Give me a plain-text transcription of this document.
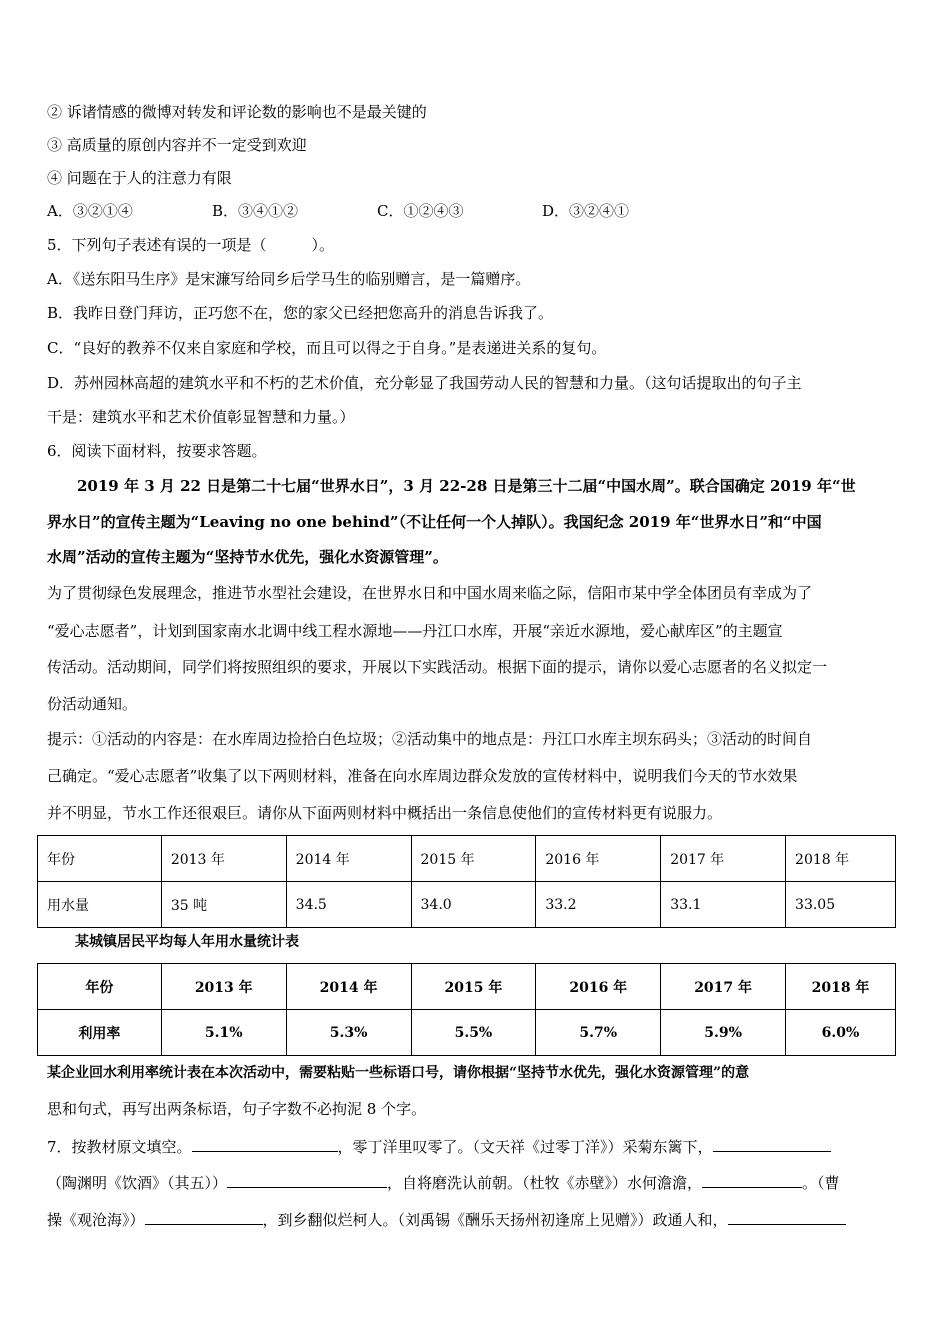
② 诉诸情感的微博对转发和评论数的影响也不是最关键的
③ 高质量的原创内容并不一定受到欢迎
④ 问题在于人的注意力有限
A．③②①④	B．③④①②	C．①②④③	D．③②④①
5．下列句子表述有误的一项是（　　　）。
A．《送东阳马生序》是宋濂写给同乡后学马生的临别赠言，是一篇赠序。
B．我昨日登门拜访，正巧您不在，您的家父已经把您高升的消息告诉我了。
C．“良好的教养不仅来自家庭和学校，而且可以得之于自身。”是表递进关系的复句。
D．苏州园林高超的建筑水平和不朽的艺术价值，充分彰显了我国劳动人民的智慧和力量。（这句话提取出的句子主
干是：建筑水平和艺术价值彰显智慧和力量。）
6．阅读下面材料，按要求答题。
　　2019 年 3 月 22 日是第二十七届“世界水日”，3 月 22-28 日是第三十二届“中国水周”。联合国确定 2019 年“世
界水日”的宣传主题为“Leaving no one behind”（不让任何一个人掉队）。我国纪念 2019 年“世界水日”和“中国
水周”活动的宣传主题为“坚持节水优先，强化水资源管理”。
为了贯彻绿色发展理念，推进节水型社会建设，在世界水日和中国水周来临之际，信阳市某中学全体团员有幸成为了
“爱心志愿者”，计划到国家南水北调中线工程水源地——丹江口水库，开展“亲近水源地，爱心献库区”的主题宣
传活动。活动期间，同学们将按照组织的要求，开展以下实践活动。根据下面的提示，请你以爱心志愿者的名义拟定一
份活动通知。
提示：①活动的内容是：在水库周边捡拾白色垃圾；②活动集中的地点是：丹江口水库主坝东码头；③活动的时间自
己确定。“爱心志愿者”收集了以下两则材料，准备在向水库周边群众发放的宣传材料中，说明我们今天的节水效果
并不明显，节水工作还很艰巨。请你从下面两则材料中概括出一条信息使他们的宣传材料更有说服力。
年份	2013 年	2014 年	2015 年	2016 年	2017 年	2018 年
用水量	35 吨	34.5	34.0	33.2	33.1	33.05
　　某城镇居民平均每人年用水量统计表
年份	2013 年	2014 年	2015 年	2016 年	2017 年	2018 年
利用率	5.1%	5.3%	5.5%	5.7%	5.9%	6.0%
某企业回水利用率统计表在本次活动中，需要粘贴一些标语口号，请你根据“坚持节水优先，强化水资源管理”的意
思和句式，再写出两条标语，句子字数不必拘泥 8 个字。
7．按教材原文填空。	，零丁洋里叹零了。（文天祥《过零丁洋》）采菊东篱下，
（陶渊明《饮酒》（其五））	，自将磨洗认前朝。（杜牧《赤壁》）水何澹澹，	。（曹
操《观沧海》）	，到乡翻似烂柯人。（刘禹锡《酬乐天扬州初逢席上见赠》）政通人和，
